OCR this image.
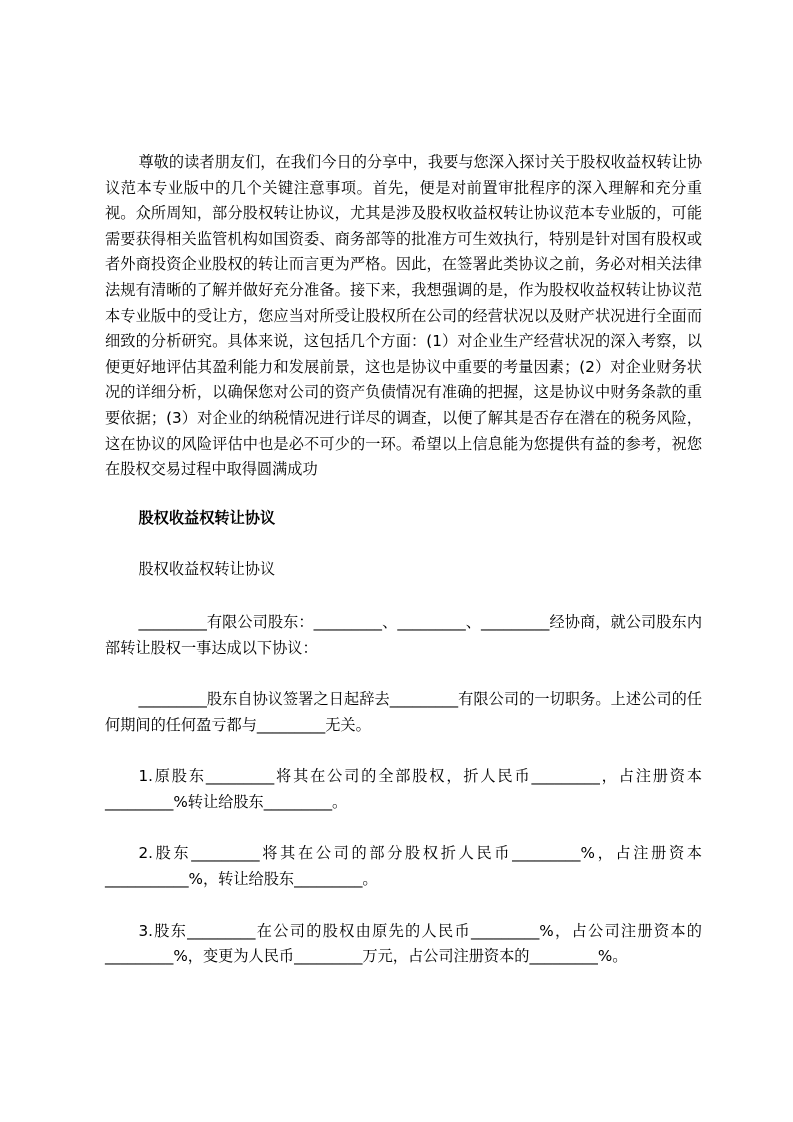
尊敬的读者朋友们，在我们今日的分享中，我要与您深入探讨关于股权收益权转让协议范本专业版中的几个关键注意事项。首先，便是对前置审批程序的深入理解和充分重视。众所周知，部分股权转让协议，尤其是涉及股权收益权转让协议范本专业版的，可能需要获得相关监管机构如国资委、商务部等的批准方可生效执行，特别是针对国有股权或者外商投资企业股权的转让而言更为严格。因此，在签署此类协议之前，务必对相关法律法规有清晰的了解并做好充分准备。接下来，我想强调的是，作为股权收益权转让协议范本专业版中的受让方，您应当对所受让股权所在公司的经营状况以及财产状况进行全面而细致的分析研究。具体来说，这包括几个方面：(1）对企业生产经营状况的深入考察，以便更好地评估其盈利能力和发展前景，这也是协议中重要的考量因素；(2）对企业财务状况的详细分析，以确保您对公司的资产负债情况有准确的把握，这是协议中财务条款的重要依据；(3）对企业的纳税情况进行详尽的调查，以便了解其是否存在潜在的税务风险，这在协议的风险评估中也是必不可少的一环。希望以上信息能为您提供有益的参考，祝您在股权交易过程中取得圆满成功

股权收益权转让协议

股权收益权转让协议

_________有限公司股东：_________、_________、_________经协商，就公司股东内部转让股权一事达成以下协议：

_________股东自协议签署之日起辞去_________有限公司的一切职务。上述公司的任何期间的任何盈亏都与_________无关。

1.原股东_________将其在公司的全部股权，折人民币_________，占注册资本_________%转让给股东_________。

2.股东_________将其在公司的部分股权折人民币_________%，占注册资本___________%，转让给股东_________。

3.股东_________在公司的股权由原先的人民币_________%，占公司注册资本的_________%，变更为人民币_________万元，占公司注册资本的_________%。
